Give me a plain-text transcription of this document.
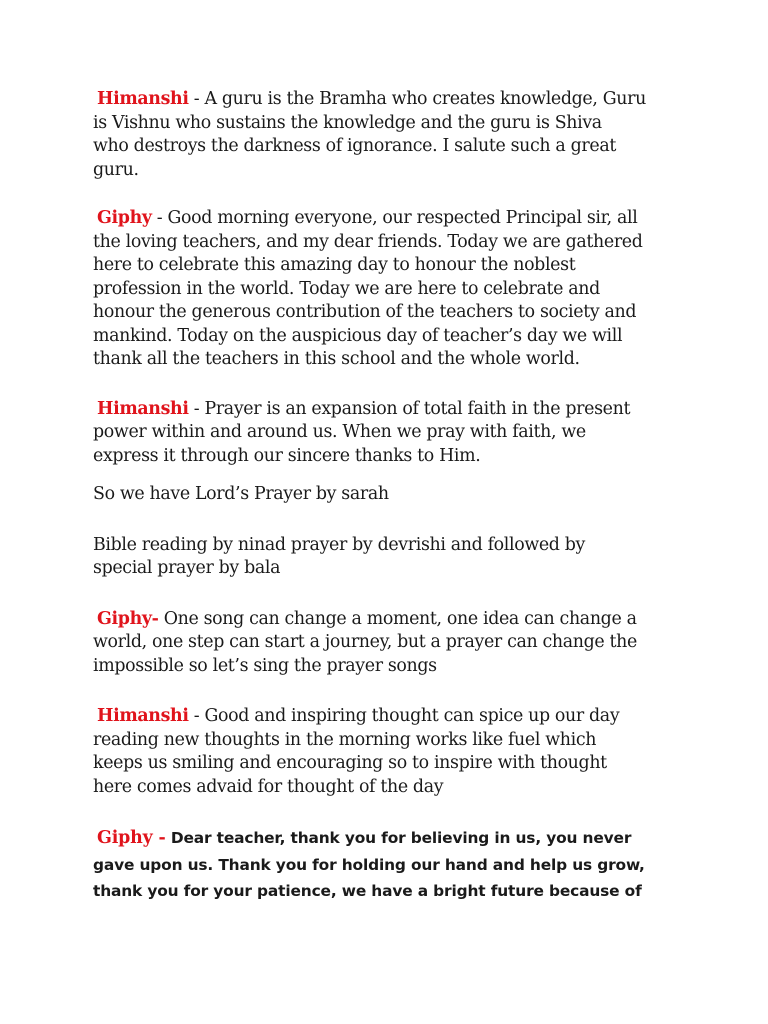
Himanshi - A guru is the Bramha who creates knowledge, Guru
is Vishnu who sustains the knowledge and the guru is Shiva
who destroys the darkness of ignorance. I salute such a great
guru.

Giphy - Good morning everyone, our respected Principal sir, all
the loving teachers, and my dear friends. Today we are gathered
here to celebrate this amazing day to honour the noblest
profession in the world. Today we are here to celebrate and
honour the generous contribution of the teachers to society and
mankind. Today on the auspicious day of teacher’s day we will
thank all the teachers in this school and the whole world.

Himanshi - Prayer is an expansion of total faith in the present
power within and around us. When we pray with faith, we
express it through our sincere thanks to Him.

So we have Lord’s Prayer by sarah

Bible reading by ninad prayer by devrishi and followed by
special prayer by bala

Giphy- One song can change a moment, one idea can change a
world, one step can start a journey, but a prayer can change the
impossible so let’s sing the prayer songs

Himanshi - Good and inspiring thought can spice up our day
reading new thoughts in the morning works like fuel which
keeps us smiling and encouraging so to inspire with thought
here comes advaid for thought of the day

Giphy - Dear teacher, thank you for believing in us, you never
gave upon us. Thank you for holding our hand and help us grow,
thank you for your patience, we have a bright future because of
